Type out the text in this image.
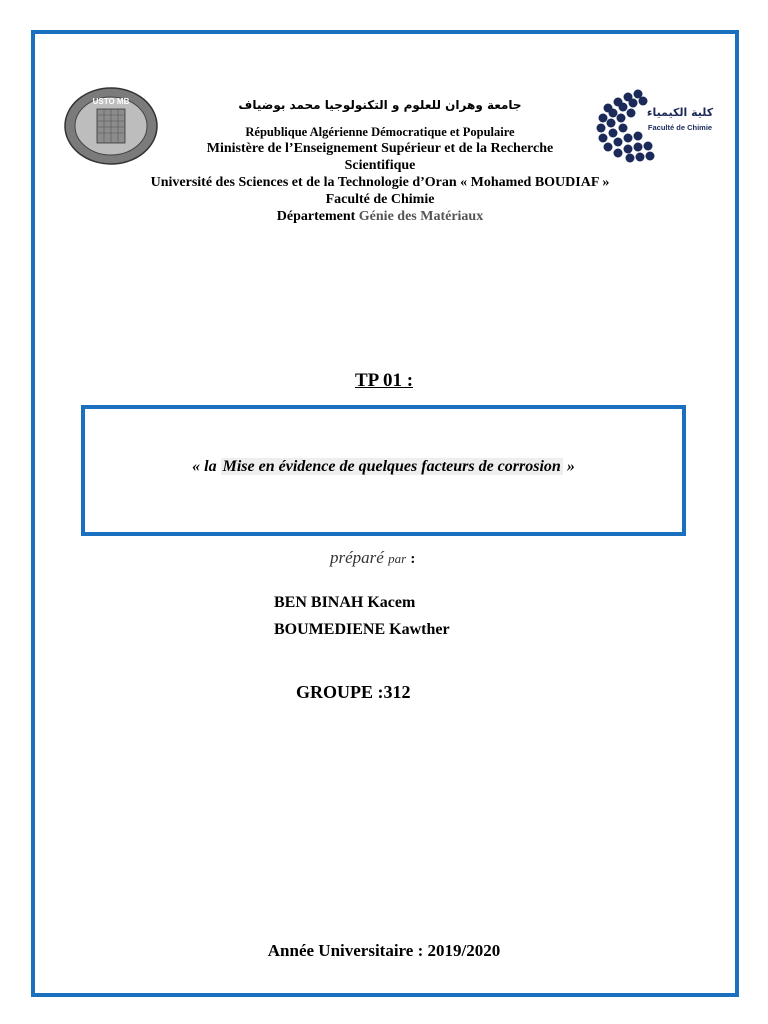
USTO MB
كلية الكيمياء
Faculté de Chimie

جامعة وهران للعلوم و التكنولوجيا محمد بوضياف

République Algérienne Démocratique et Populaire

Ministère de l’Enseignement Supérieur et de la Recherche

Scientifique

Université des Sciences et de la Technologie d’Oran « Mohamed BOUDIAF »

Faculté de Chimie

Département Génie des Matériaux

TP 01 :

« la Mise en évidence de quelques facteurs de corrosion »

préparé par :

BEN BINAH Kacem

BOUMEDIENE Kawther

GROUPE :312

Année Universitaire : 2019/2020
